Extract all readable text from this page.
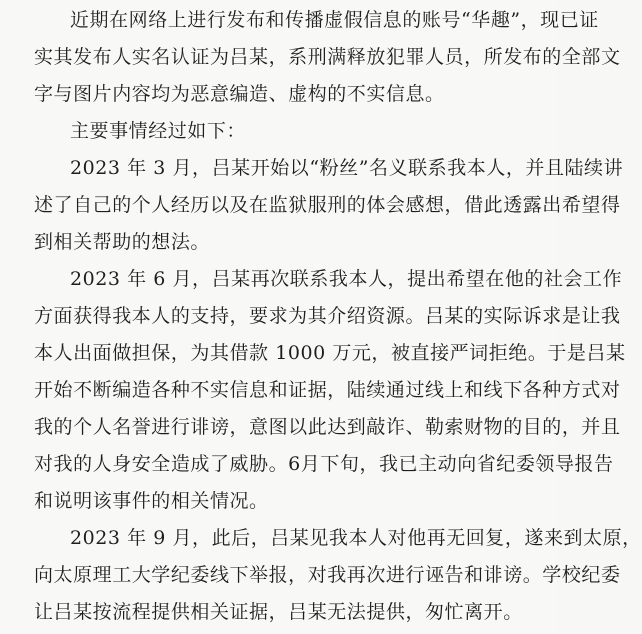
近期在网络上进行发布和传播虚假信息的账号“华趣”，现已证
实其发布人实名认证为吕某，系刑满释放犯罪人员，所发布的全部文
字与图片内容均为恶意编造、虚构的不实信息。
主要事情经过如下：
2023 年 3 月，吕某开始以“粉丝”名义联系我本人，并且陆续讲
述了自己的个人经历以及在监狱服刑的体会感想，借此透露出希望得
到相关帮助的想法。
2023 年 6 月，吕某再次联系我本人，提出希望在他的社会工作
方面获得我本人的支持，要求为其介绍资源。吕某的实际诉求是让我
本人出面做担保，为其借款 1000 万元，被直接严词拒绝。于是吕某
开始不断编造各种不实信息和证据，陆续通过线上和线下各种方式对
我的个人名誉进行诽谤，意图以此达到敲诈、勒索财物的目的，并且
对我的人身安全造成了威胁。6月下旬，我已主动向省纪委领导报告
和说明该事件的相关情况。
2023 年 9 月，此后，吕某见我本人对他再无回复，遂来到太原，
向太原理工大学纪委线下举报，对我再次进行诬告和诽谤。学校纪委
让吕某按流程提供相关证据，吕某无法提供，匆忙离开。
